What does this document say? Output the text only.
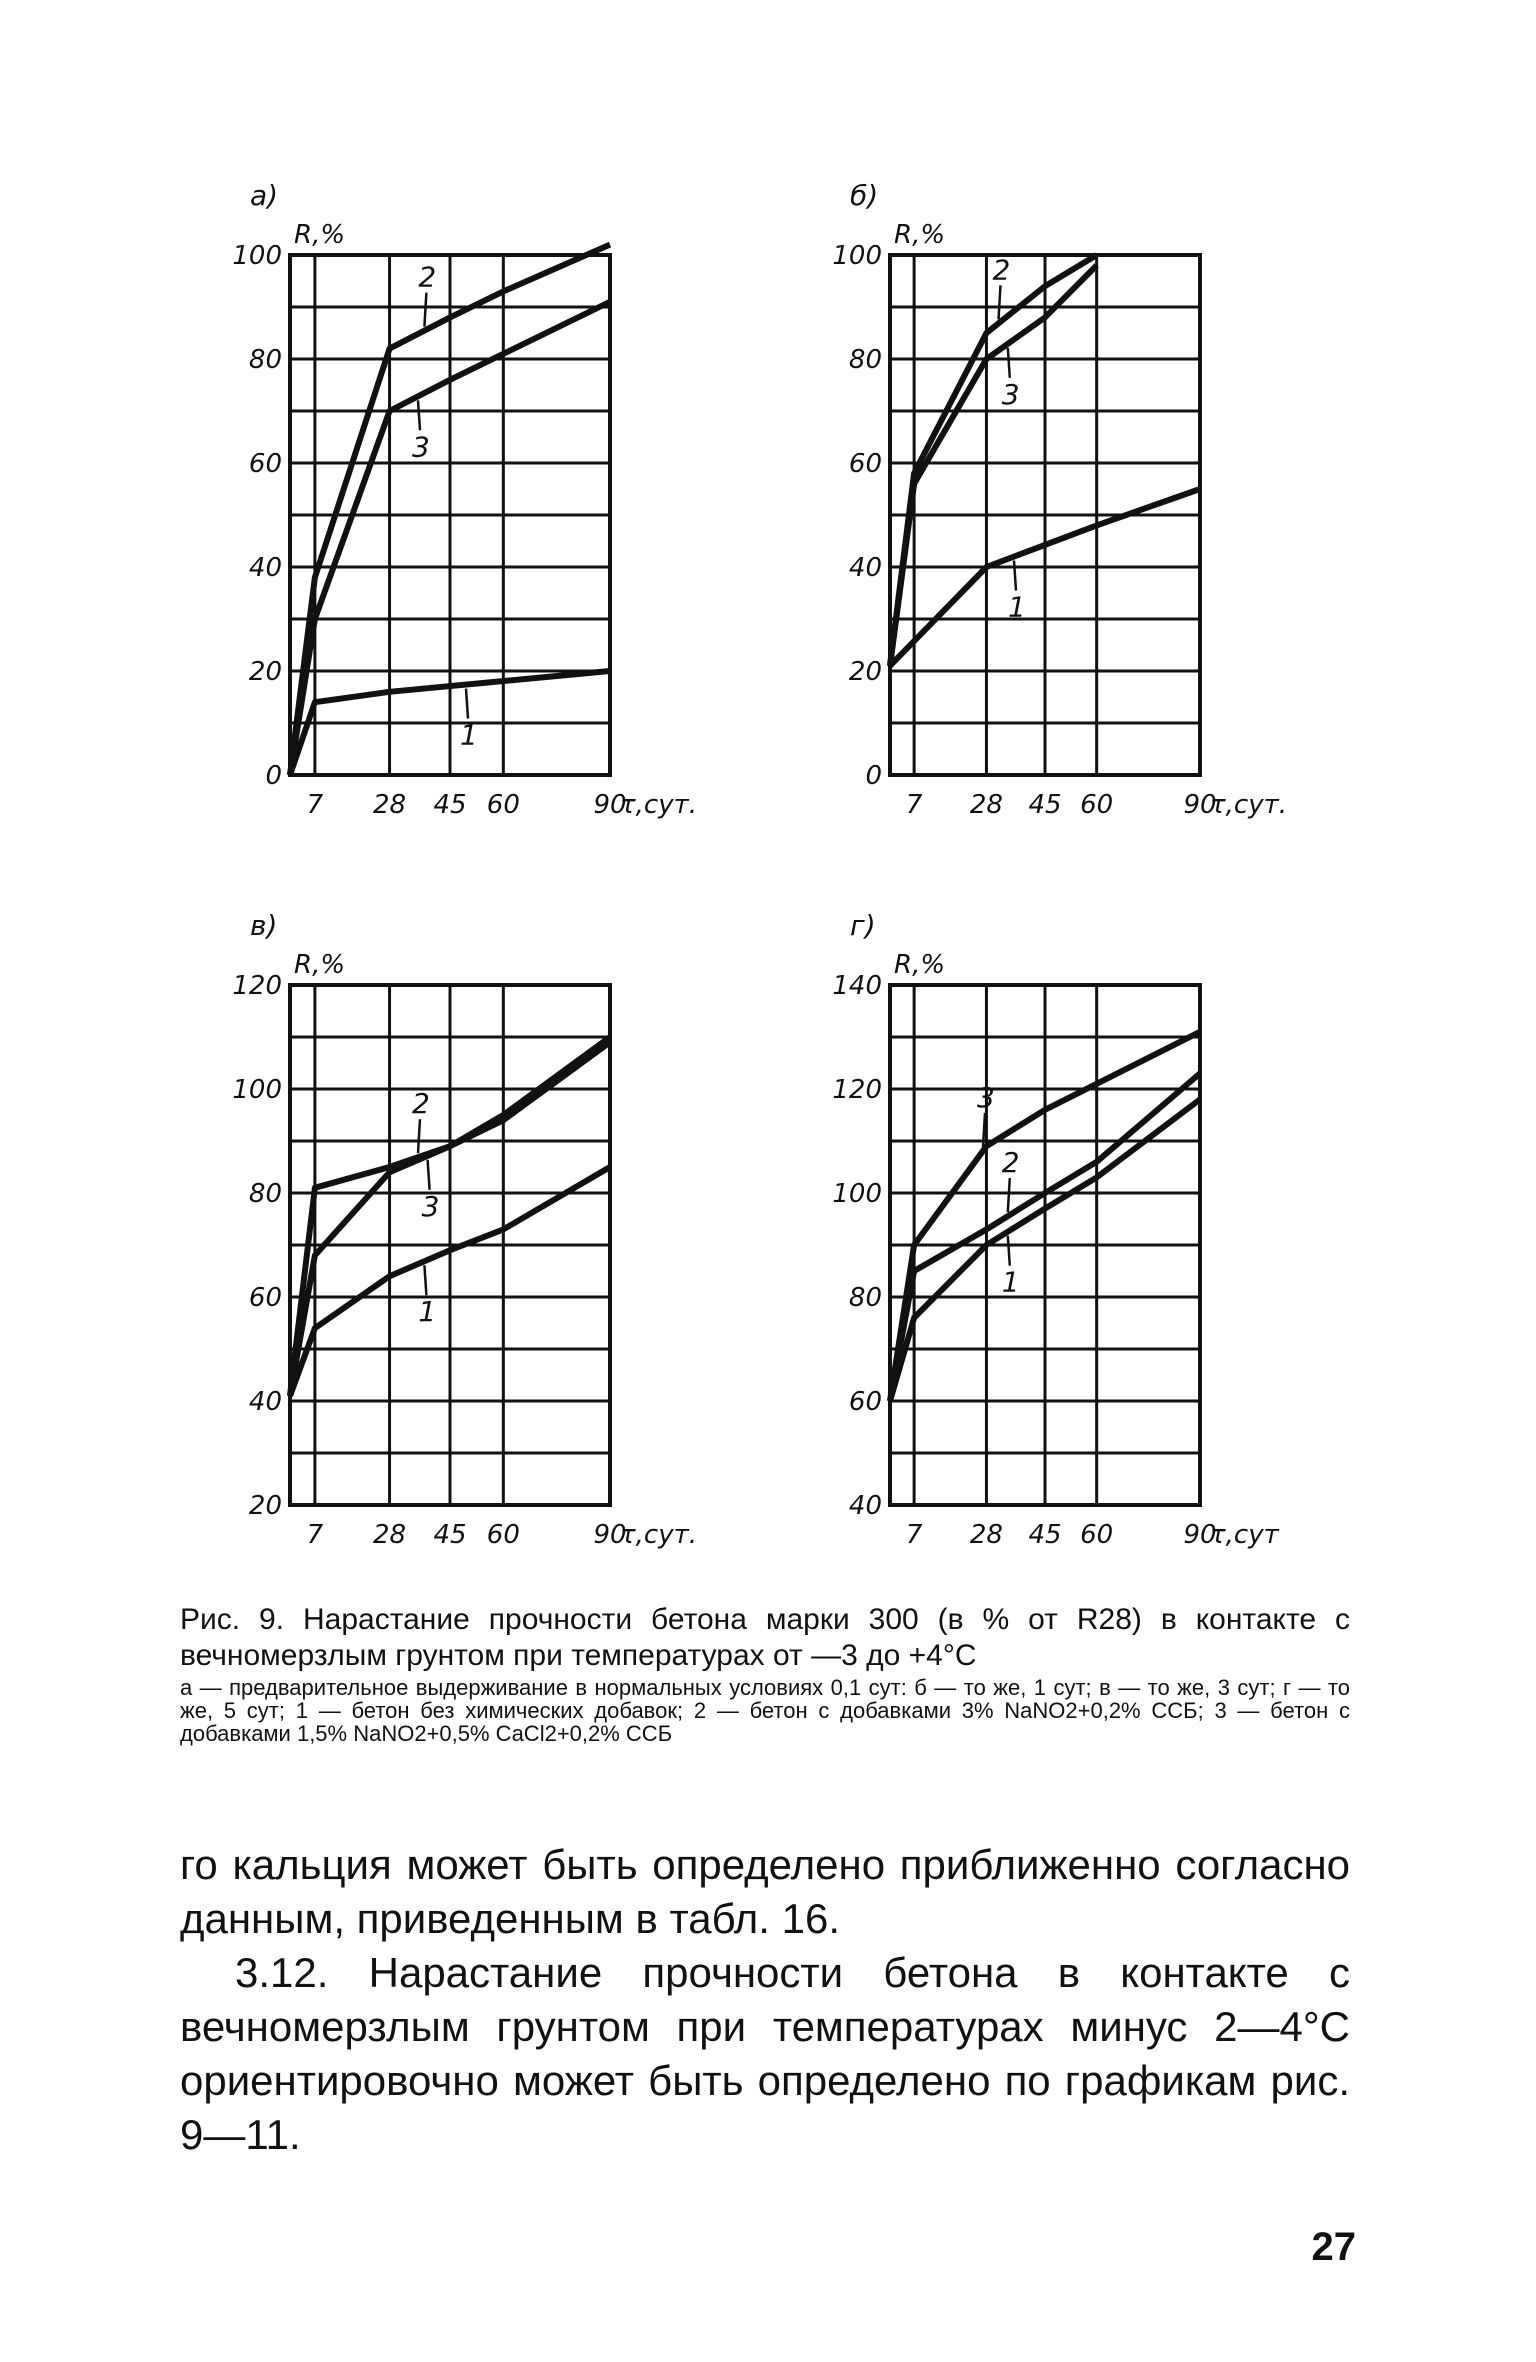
0
20
40
60
80
100
7 28 45 60	90
R,%
τ,сут.
а)
1
2
3
0
20
40
60
80
100
7 28 45 60	90
R,%
τ,сут.
б)
1
2
3
20
40
60
80
100
120
7 28 45 60	90
R,%
τ,сут.
в)
1
2
3
40
60
80
100
120
140
7 28 45 60	90
R,%
τ,сут
г)
1
2
3
Рис. 9. Нарастание прочности бетона марки 300 (в % от R28) в контакте с вечномерзлым грунтом при температурах от —3 до +4°С
а — предварительное выдерживание в нормальных условиях 0,1 сут: б — то же, 1 сут; в — то же, 3 сут; г — то же, 5 сут; 1 — бетон без химических добавок; 2 — бетон с добавками 3% NaNO2+0,2% ССБ; 3 — бетон с добавками 1,5% NaNO2+0,5% CaCl2+0,2% ССБ

го кальция может быть определено приближенно согласно данным, приведенным в табл. 16.

3.12. Нарастание прочности бетона в контакте с вечномерзлым грунтом при температурах минус 2—4°С ориентировочно может быть определено по графикам рис. 9—11.

27
